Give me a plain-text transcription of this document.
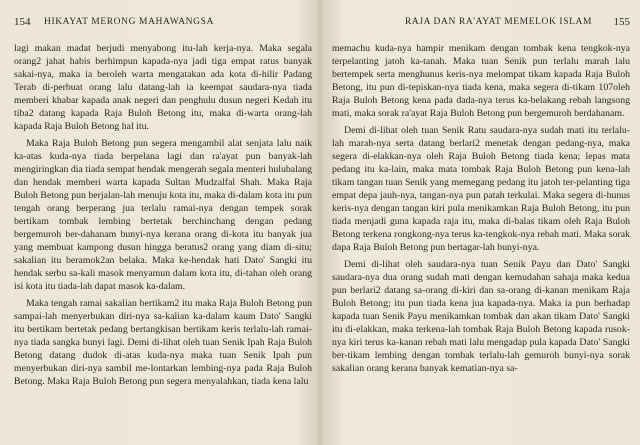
154 HIKAYAT MERONG MAHAWANGSA

lagi makan madat berjudi menyabong itu-lah kerja-nya. Maka segala orang2 jahat habis berhimpun kapada-nya jadi tiga empat ratus banyak sakai-nya, maka ia beroleh warta mengatakan ada kota di-hilir Padang Terab di-perbuat orang lalu datang-lah ia keempat saudara-nya tiada memberi khabar kapada anak negeri dan penghulu dusun negeri Kedah itu tiba2 datang kapada Raja Buloh Betong itu, maka di-warta orang-lah kapada Raja Buloh Betong hal itu.

Maka Raja Buloh Betong pun segera mengambil alat senjata lalu naik ka-atas kuda-nya tiada berpelana lagi dan ra'ayat pun banyak-lah mengiringkan dia tiada sempat hendak mengerah segala menteri hulubalang dan hendak memberi warta kapada Sultan Mudzalfal Shah. Maka Raja Buloh Betong pun berjalan-lah menuju kota itu, maka di-dalam kota itu pun tengah orang berperang jua terlalu ramai-nya dengan tempek sorak bertikam tombak lembing bertetak berchinchang dengan pedang bergemuroh ber-dahanam bunyi-nya kerana orang di-kota itu banyak jua yang membuat kampong dusun hingga beratus2 orang yang diam di-situ; sakalian itu beramok2an belaka. Maka ke-hendak hati Dato' Sangki itu hendak serbu sa-kali masok menyamun dalam kota itu, di-tahan oleh orang isi kota itu tiada-lah dapat masok ka-dalam.

Maka tengah ramai sakalian bertikam2 itu maka Raja Buloh Betong pun sampai-lah menyerbukan diri-nya sa-kalian ka-dalam kaum Dato' Sangki itu bertikam bertetak pedang bertangkisan bertikam keris terlalu-lah ramai-nya tiada sangka bunyi lagi. Demi di-lihat oleh tuan Senik Ipah Raja Buloh Betong datang dudok di-atas kuda-nya maka tuan Senik Ipah pun menyerbukan diri-nya sambil me-lontarkan lembing-nya pada Raja Buloh Betong. Maka Raja Buloh Betong pun segera menyalahkan, tiada kena lalu

RAJA DAN RA'AYAT MEMELOK ISLAM 155

memachu kuda-nya hampir menikam dengan tombak kena tengkok-nya terpelanting jatoh ka-tanah. Maka tuan Senik pun terlalu marah lalu bertempek serta menghunus keris-nya melompat tikam kapada Raja Buloh Betong, itu pun di-tepiskan-nya tiada kena, maka segera di-tikam 107oleh Raja Buloh Betong kena pada dada-nya terus ka-belakang rebah langsong mati, maka sorak ra'ayat Raja Buloh Betong pun bergemuroh berdahanam.

Demi di-lihat oleh tuan Senik Ratu saudara-nya sudah mati itu terlalu-lah marah-nya serta datang berlari2 menetak dengan pedang-nya, maka segera di-elakkan-nya oleh Raja Buloh Betong tiada kena; lepas mata pedang itu ka-lain, maka mata tombak Raja Buloh Betong pun kena-lah tikam tangan tuan Senik yang memegang pedang itu jatoh ter-pelanting tiga empat depa jauh-nya, tangan-nya pun patah terkulai. Maka segera di-hunus keris-nya dengan tangan kiri pula menikamkan Raja Buloh Betong, itu pun tiada menjadi guna kapada raja itu, maka di-balas tikam oleh Raja Buloh Betong terkena rongkong-nya terus ka-tengkok-nya rebah mati. Maka sorak dapa Raja Buloh Betong pun bertagar-lah bunyi-nya.

Demi di-lihat oleh saudara-nya tuan Senik Payu dan Dato' Sangki saudara-nya dua orang sudah mati dengan kemudahan sahaja maka kedua pun berlari2 datang sa-orang di-kiri dan sa-orang di-kanan menikam Raja Buloh Betong; itu pun tiada kena jua kapada-nya. Maka ia pun berhadap kapada tuan Senik Payu menikamkan tombak dan akan tikam Dato' Sangki itu di-elakkan, maka terkena-lah tombak Raja Buloh Betong kapada rusok-nya kiri terus ka-kanan rebah mati lalu mengadap pula kapada Dato' Sangki ber-tikam lembing dengan tombak terlalu-lah gemuroh bunyi-nya sorak sakalian orang kerana banyak kematian-nya sa-
